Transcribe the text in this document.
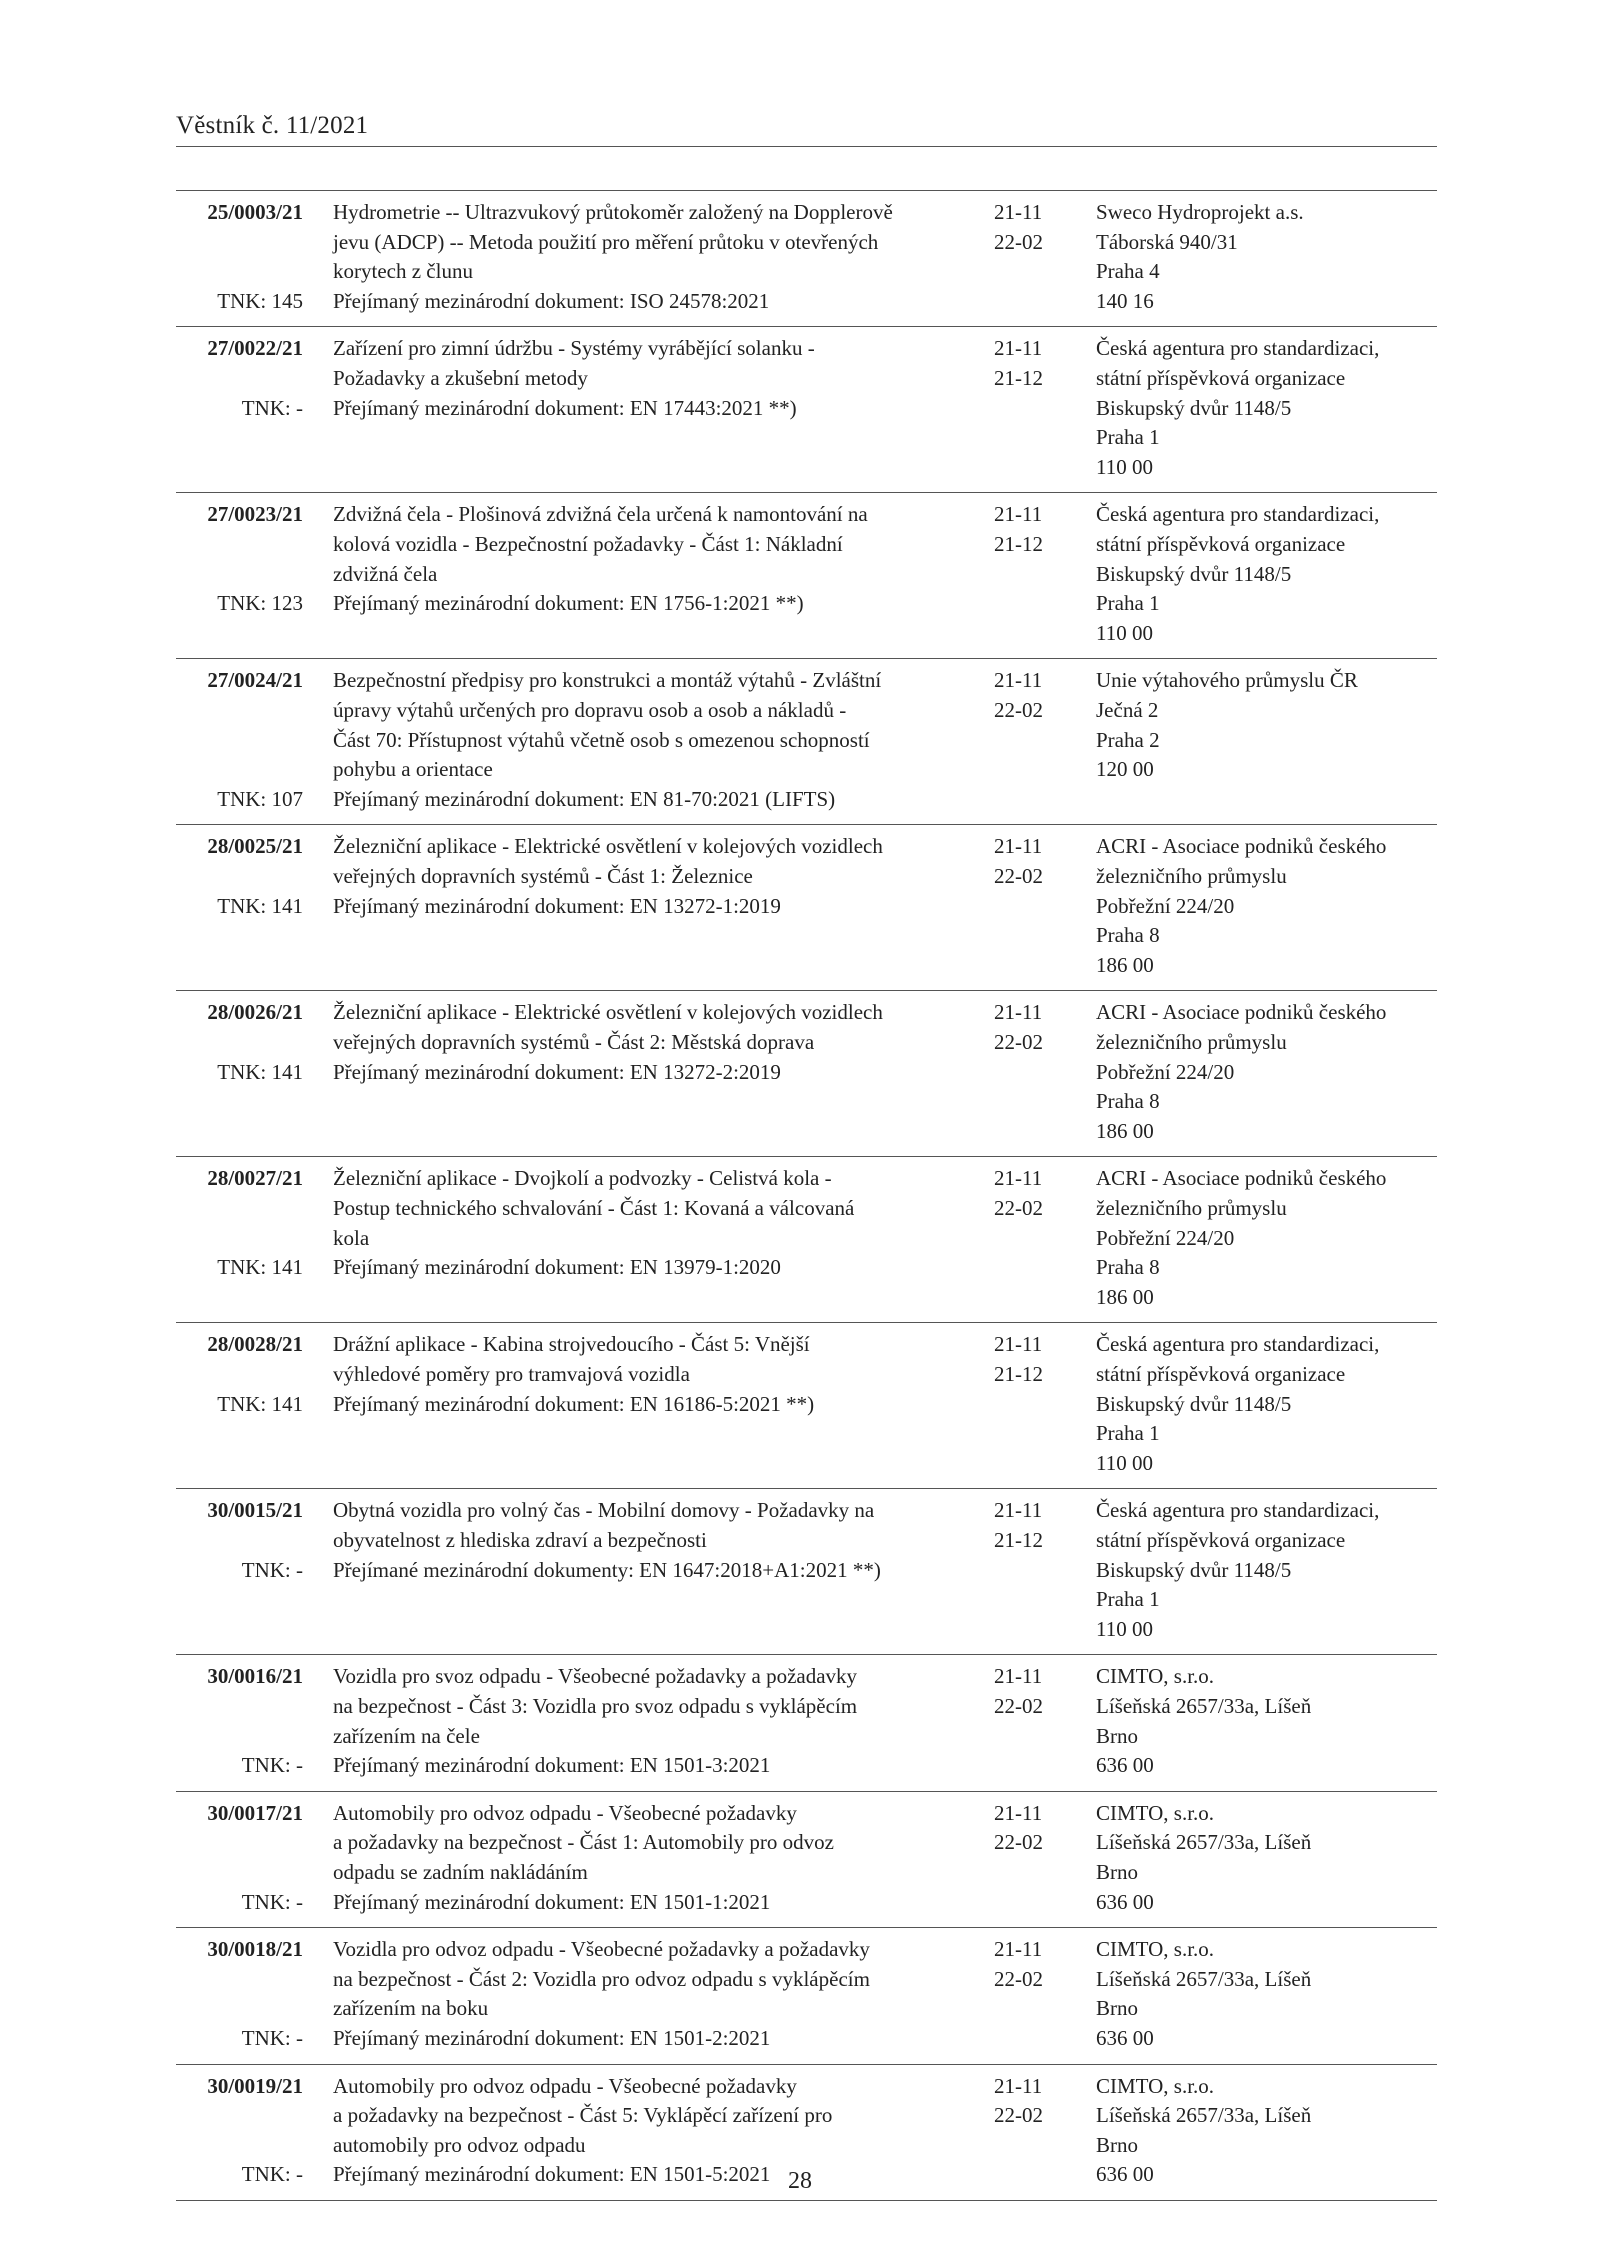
Věstník č. 11/2021
25/0003/21
TNK: 145
Hydrometrie -- Ultrazvukový průtokoměr založený na Dopplerově
jevu (ADCP) -- Metoda použití pro měření průtoku v otevřených
korytech z člunu
Přejímaný mezinárodní dokument: ISO 24578:2021
21-11
22-02
Sweco Hydroprojekt a.s.
Táborská 940/31
Praha 4
140 16
27/0022/21
TNK: -
Zařízení pro zimní údržbu - Systémy vyrábějící solanku -
Požadavky a zkušební metody
Přejímaný mezinárodní dokument: EN 17443:2021 **)
21-11
21-12
Česká agentura pro standardizaci,
státní příspěvková organizace
Biskupský dvůr 1148/5
Praha 1
110 00
27/0023/21
TNK: 123
Zdvižná čela - Plošinová zdvižná čela určená k namontování na
kolová vozidla - Bezpečnostní požadavky - Část 1: Nákladní
zdvižná čela
Přejímaný mezinárodní dokument: EN 1756-1:2021 **)
21-11
21-12
Česká agentura pro standardizaci,
státní příspěvková organizace
Biskupský dvůr 1148/5
Praha 1
110 00
27/0024/21
TNK: 107
Bezpečnostní předpisy pro konstrukci a montáž výtahů - Zvláštní
úpravy výtahů určených pro dopravu osob a osob a nákladů -
Část 70: Přístupnost výtahů včetně osob s omezenou schopností
pohybu a orientace
Přejímaný mezinárodní dokument: EN 81-70:2021 (LIFTS)
21-11
22-02
Unie výtahového průmyslu ČR
Ječná 2
Praha 2
120 00
28/0025/21
TNK: 141
Železniční aplikace - Elektrické osvětlení v kolejových vozidlech
veřejných dopravních systémů - Část 1: Železnice
Přejímaný mezinárodní dokument: EN 13272-1:2019
21-11
22-02
ACRI - Asociace podniků českého
železničního průmyslu
Pobřežní 224/20
Praha 8
186 00
28/0026/21
TNK: 141
Železniční aplikace - Elektrické osvětlení v kolejových vozidlech
veřejných dopravních systémů - Část 2: Městská doprava
Přejímaný mezinárodní dokument: EN 13272-2:2019
21-11
22-02
ACRI - Asociace podniků českého
železničního průmyslu
Pobřežní 224/20
Praha 8
186 00
28/0027/21
TNK: 141
Železniční aplikace - Dvojkolí a podvozky - Celistvá kola -
Postup technického schvalování - Část 1: Kovaná a válcovaná
kola
Přejímaný mezinárodní dokument: EN 13979-1:2020
21-11
22-02
ACRI - Asociace podniků českého
železničního průmyslu
Pobřežní 224/20
Praha 8
186 00
28/0028/21
TNK: 141
Drážní aplikace - Kabina strojvedoucího - Část 5: Vnější
výhledové poměry pro tramvajová vozidla
Přejímaný mezinárodní dokument: EN 16186-5:2021 **)
21-11
21-12
Česká agentura pro standardizaci,
státní příspěvková organizace
Biskupský dvůr 1148/5
Praha 1
110 00
30/0015/21
TNK: -
Obytná vozidla pro volný čas - Mobilní domovy - Požadavky na
obyvatelnost z hlediska zdraví a bezpečnosti
Přejímané mezinárodní dokumenty: EN 1647:2018+A1:2021 **)
21-11
21-12
Česká agentura pro standardizaci,
státní příspěvková organizace
Biskupský dvůr 1148/5
Praha 1
110 00
30/0016/21
TNK: -
Vozidla pro svoz odpadu - Všeobecné požadavky a požadavky
na bezpečnost - Část 3: Vozidla pro svoz odpadu s vyklápěcím
zařízením na čele
Přejímaný mezinárodní dokument: EN 1501-3:2021
21-11
22-02
CIMTO, s.r.o.
Líšeňská 2657/33a, Líšeň
Brno
636 00
30/0017/21
TNK: -
Automobily pro odvoz odpadu - Všeobecné požadavky
a požadavky na bezpečnost - Část 1: Automobily pro odvoz
odpadu se zadním nakládáním
Přejímaný mezinárodní dokument: EN 1501-1:2021
21-11
22-02
CIMTO, s.r.o.
Líšeňská 2657/33a, Líšeň
Brno
636 00
30/0018/21
TNK: -
Vozidla pro odvoz odpadu - Všeobecné požadavky a požadavky
na bezpečnost - Část 2: Vozidla pro odvoz odpadu s vyklápěcím
zařízením na boku
Přejímaný mezinárodní dokument: EN 1501-2:2021
21-11
22-02
CIMTO, s.r.o.
Líšeňská 2657/33a, Líšeň
Brno
636 00
30/0019/21
TNK: -
Automobily pro odvoz odpadu - Všeobecné požadavky
a požadavky na bezpečnost - Část 5: Vyklápěcí zařízení pro
automobily pro odvoz odpadu
Přejímaný mezinárodní dokument: EN 1501-5:2021
21-11
22-02
CIMTO, s.r.o.
Líšeňská 2657/33a, Líšeň
Brno
636 00
28
